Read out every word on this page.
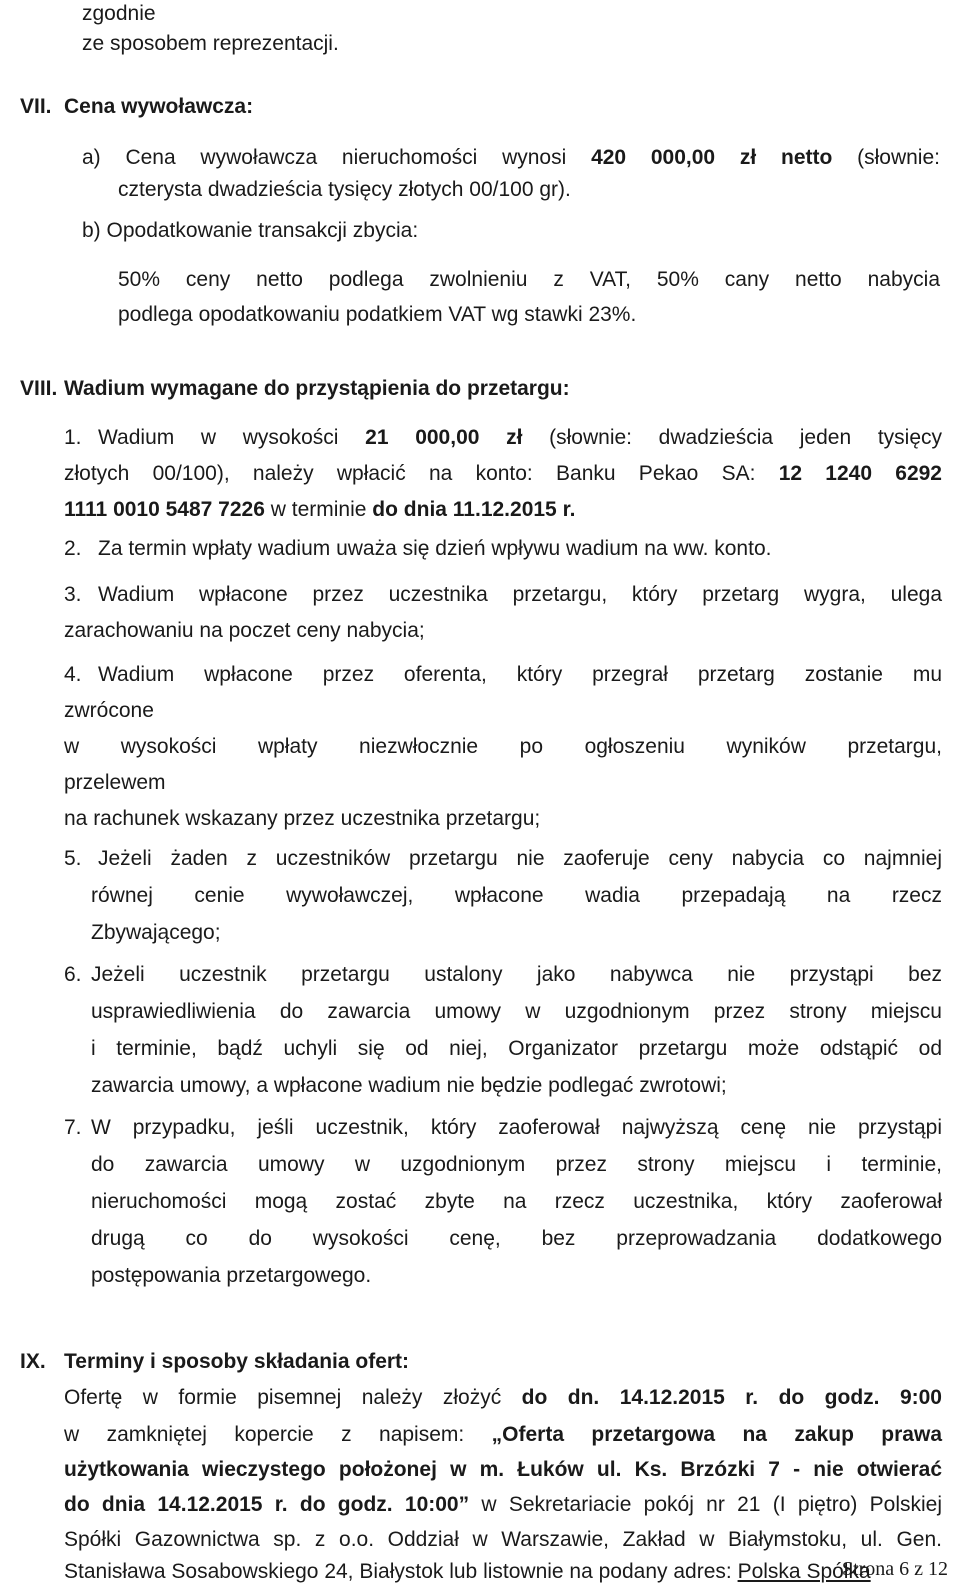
zgodnie
ze sposobem reprezentacji.
VII. Cena wywoławcza:
a) Cena wywoławcza nieruchomości wynosi 420 000,00 zł netto (słownie:
czterysta dwadzieścia tysięcy złotych 00/100 gr).
b) Opodatkowanie transakcji zbycia:
50% ceny netto podlega zwolnieniu z VAT, 50% cany netto nabycia
podlega opodatkowaniu podatkiem VAT wg stawki 23%.
VIII. Wadium wymagane do przystąpienia do przetargu:
1. Wadium w wysokości 21 000,00 zł (słownie: dwadzieścia jeden tysięcy
złotych 00/100), należy wpłacić na konto: Banku Pekao SA: 12 1240 6292
1111 0010 5487 7226 w terminie do dnia 11.12.2015 r.
2. Za termin wpłaty wadium uważa się dzień wpływu wadium na ww. konto.
3. Wadium wpłacone przez uczestnika przetargu, który przetarg wygra, ulega
zarachowaniu na poczet ceny nabycia;
4. Wadium wpłacone przez oferenta, który przegrał przetarg zostanie mu
zwrócone
w wysokości wpłaty niezwłocznie po ogłoszeniu wyników przetargu,
przelewem
na rachunek wskazany przez uczestnika przetargu;
5. Jeżeli żaden z uczestników przetargu nie zaoferuje ceny nabycia co najmniej
równej cenie wywoławczej, wpłacone wadia przepadają na rzecz
Zbywającego;
6. Jeżeli uczestnik przetargu ustalony jako nabywca nie przystąpi bez
usprawiedliwienia do zawarcia umowy w uzgodnionym przez strony miejscu
i terminie, bądź uchyli się od niej, Organizator przetargu może odstąpić od
zawarcia umowy, a wpłacone wadium nie będzie podlegać zwrotowi;
7. W przypadku, jeśli uczestnik, który zaoferował najwyższą cenę nie przystąpi
do zawarcia umowy w uzgodnionym przez strony miejscu i terminie,
nieruchomości mogą zostać zbyte na rzecz uczestnika, który zaoferował
drugą co do wysokości cenę, bez przeprowadzania dodatkowego
postępowania przetargowego.
IX. Terminy i sposoby składania ofert:
Ofertę w formie pisemnej należy złożyć do dn. 14.12.2015 r. do godz. 9:00
w zamkniętej kopercie z napisem: „Oferta przetargowa na zakup prawa
użytkowania wieczystego położonej w m. Łuków ul. Ks. Brzózki 7 - nie otwierać
do dnia 14.12.2015 r. do godz. 10:00” w Sekretariacie pokój nr 21 (I piętro) Polskiej
Spółki Gazownictwa sp. z o.o. Oddział w Warszawie, Zakład w Białymstoku, ul. Gen.
Stanisława Sosabowskiego 24, Białystok lub listownie na podany adres: Polska Spółka
Strona 6 z 12
